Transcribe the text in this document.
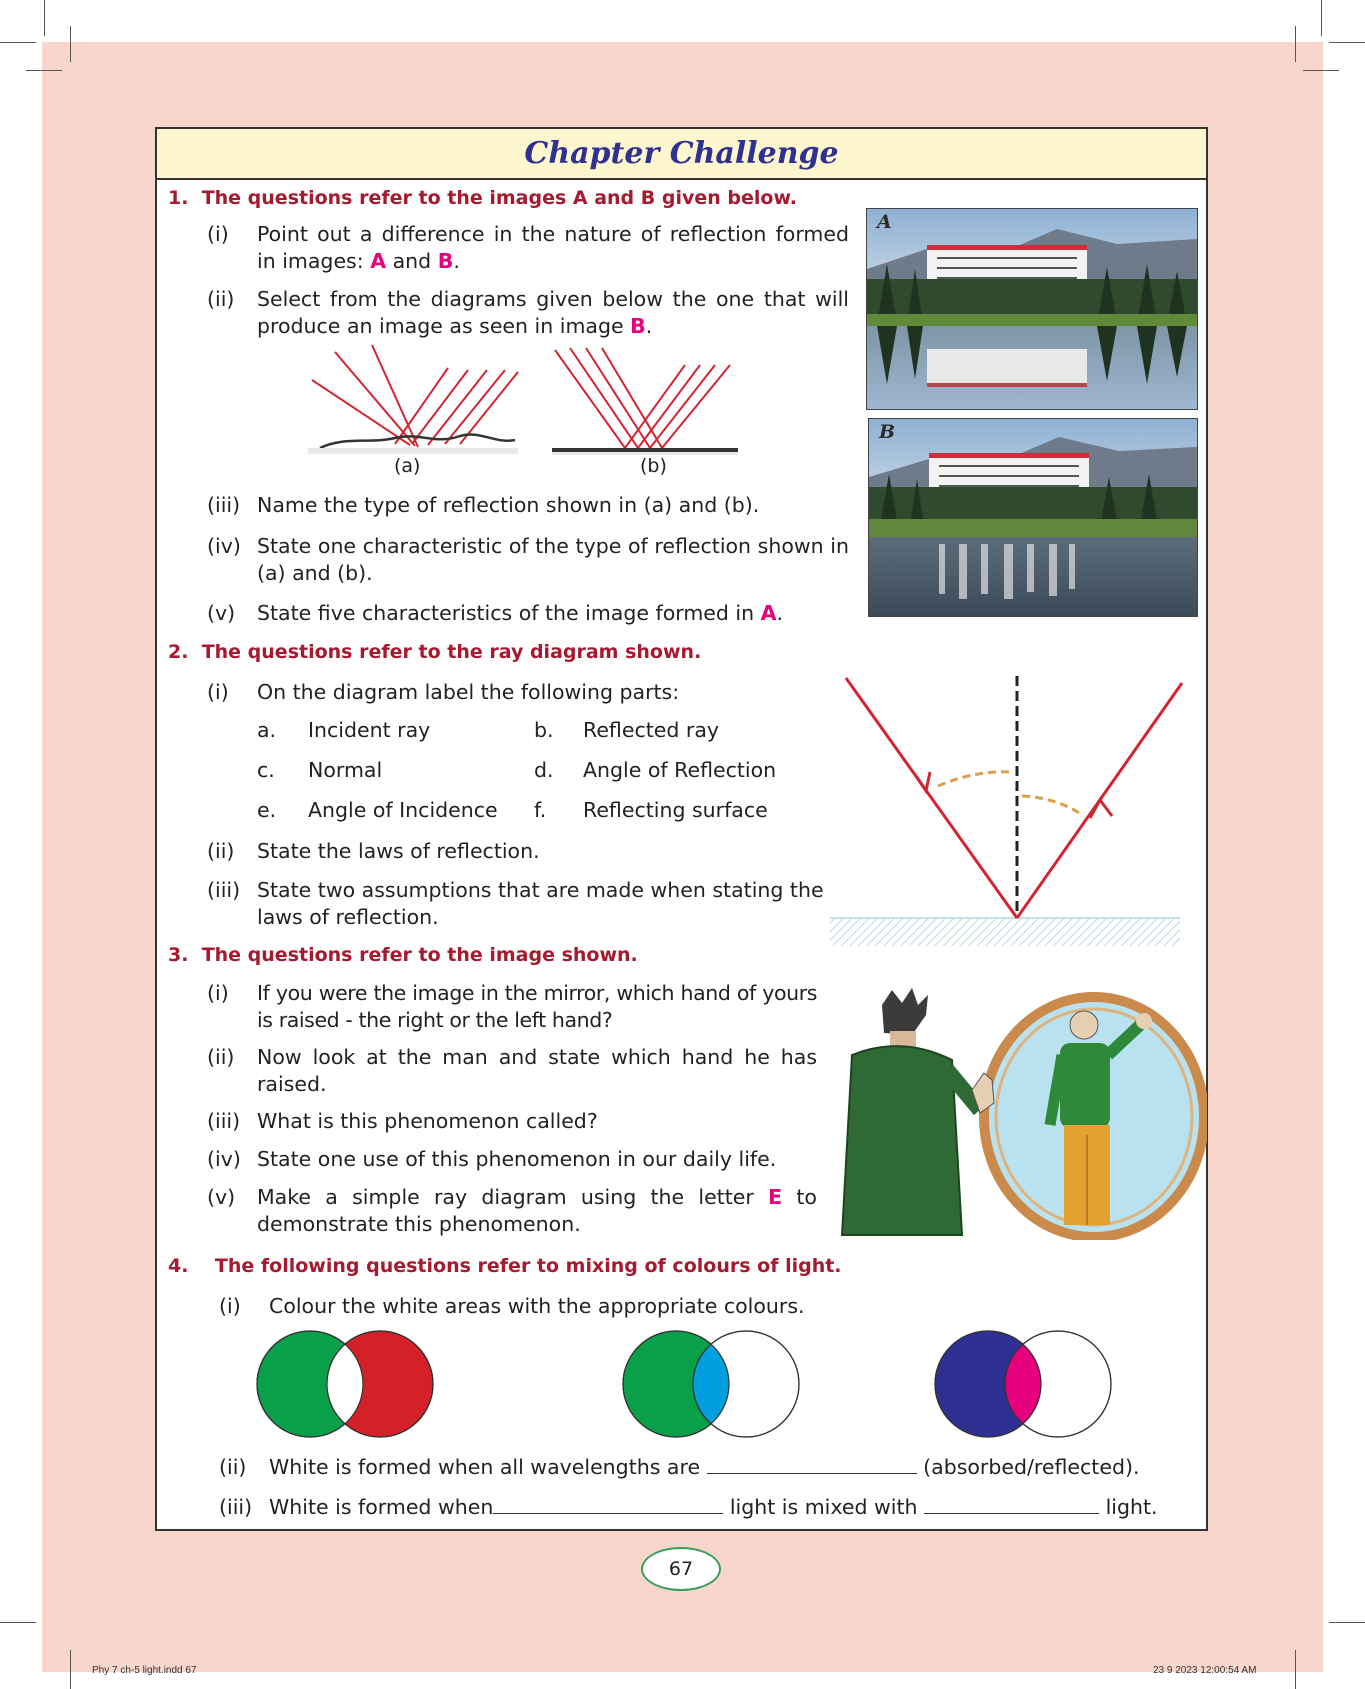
Chapter Challenge
1. The questions refer to the images A and B given below.
(i) Point out a difference in the nature of reflection formed in images: A and B.
(ii) Select from the diagrams given below the one that will produce an image as seen in image B.
(a)	(b)
(iii) Name the type of reflection shown in (a) and (b).
(iv) State one characteristic of the type of reflection shown in (a) and (b).
(v) State five characteristics of the image formed in A.
A
B
2. The questions refer to the ray diagram shown.
(i) On the diagram label the following parts:
a. Incident ray	b. Reflected ray
c. Normal	d. Angle of Reflection
e. Angle of Incidence f. Reflecting surface
(ii) State the laws of reflection.
(iii) State two assumptions that are made when stating the laws of reflection.
3. The questions refer to the image shown.
(i) If you were the image in the mirror, which hand of yours is raised - the right or the left hand?
(ii) Now look at the man and state which hand he has raised.
(iii) What is this phenomenon called?
(iv) State one use of this phenomenon in our daily life.
(v) Make a simple ray diagram using the letter E to demonstrate this phenomenon.
4. The following questions refer to mixing of colours of light.
(i) Colour the white areas with the appropriate colours.
(ii) White is formed when all wavelengths are	(absorbed/reflected).
(iii) White is formed when	light is mixed with	light.
67
Phy 7 ch-5 light.indd 67	23 9 2023 12:00:54 AM
